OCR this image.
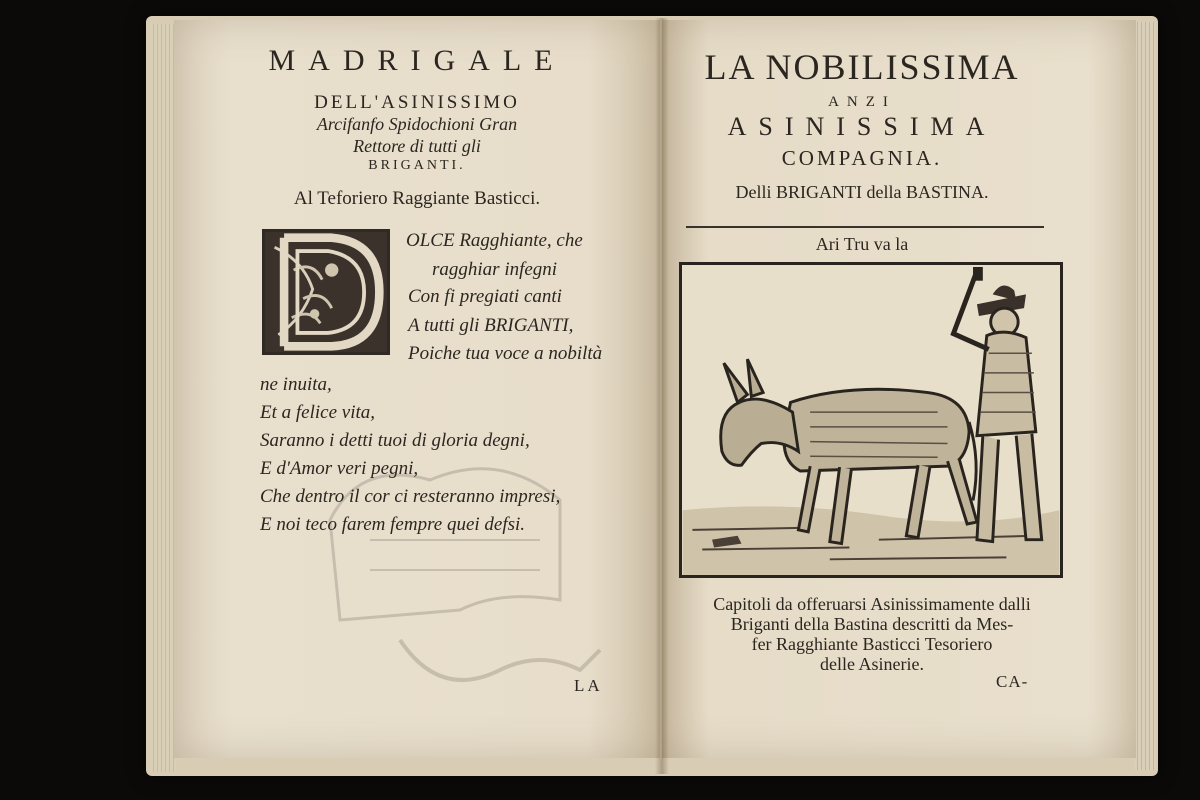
MADRIGALE
DELL'ASINISSIMO
Arcifanfo Spidochioni Gran
Rettore di tutti gli
BRIGANTI.
Al Teforiero Raggiante Basticci.
OLCE Ragghiante, che
ragghiar infegni
Con fi pregiati canti
A tutti gli BRIGANTI,
Poiche tua voce a nobiltà
ne inuita,
Et a felice vita,
Saranno i detti tuoi di gloria degni,
E d'Amor veri pegni,
Che dentro il cor ci resteranno impresi,
E noi teco farem fempre quei defsi.
LA
LA NOBILISSIMA
ANZI
ASINISSIMA
COMPAGNIA.
Delli BRIGANTI della BASTINA.
Ari Tru va la
Capitoli da offeruarsi Asinissimamente dalli
Briganti della Bastina descritti da Mes-
fer Ragghiante Basticci Tesoriero
delle Asinerie.
CA-
